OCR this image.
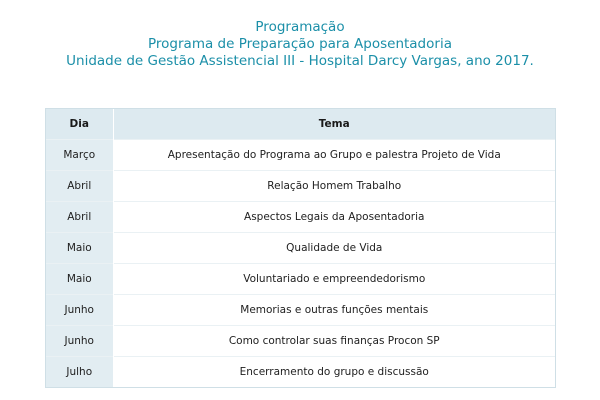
Programação
Programa de Preparação para Aposentadoria
Unidade de Gestão Assistencial III - Hospital Darcy Vargas, ano 2017.
Dia	Tema
Março	Apresentação do Programa ao Grupo e palestra Projeto de Vida
Abril	Relação Homem Trabalho
Abril	Aspectos Legais da Aposentadoria
Maio	Qualidade de Vida
Maio	Voluntariado e empreendedorismo
Junho	Memorias e outras funções mentais
Junho	Como controlar suas finanças Procon SP
Julho	Encerramento do grupo e discussão
